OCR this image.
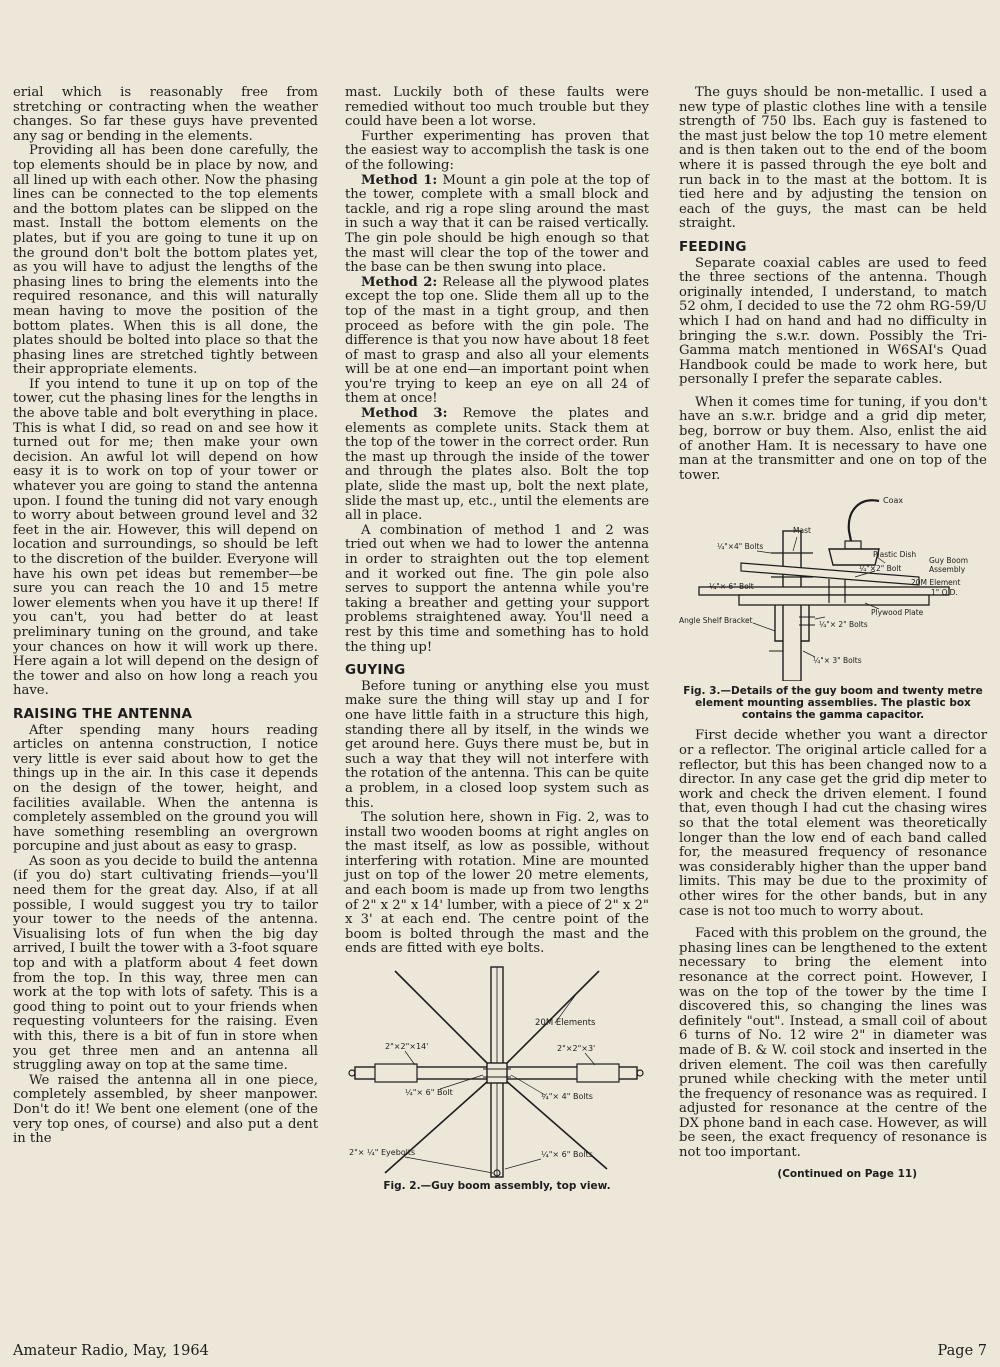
erial which is reasonably free from stretching or contracting when the weather changes. So far these guys have prevented any sag or bending in the elements.

Providing all has been done carefully, the top elements should be in place by now, and all lined up with each other. Now the phasing lines can be connected to the top elements and the bottom plates can be slipped on the mast. Install the bottom elements on the plates, but if you are going to tune it up on the ground don't bolt the bottom plates yet, as you will have to adjust the lengths of the phasing lines to bring the elements into the required resonance, and this will naturally mean having to move the position of the bottom plates. When this is all done, the plates should be bolted into place so that the phasing lines are stretched tightly between their appropriate elements.

If you intend to tune it up on top of the tower, cut the phasing lines for the lengths in the above table and bolt everything in place. This is what I did, so read on and see how it turned out for me; then make your own decision. An awful lot will depend on how easy it is to work on top of your tower or whatever you are going to stand the antenna upon. I found the tuning did not vary enough to worry about between ground level and 32 feet in the air. However, this will depend on location and surroundings, so should be left to the discretion of the builder. Everyone will have his own pet ideas but remember—be sure you can reach the 10 and 15 metre lower elements when you have it up there! If you can't, you had better do at least preliminary tuning on the ground, and take your chances on how it will work up there. Here again a lot will depend on the design of the tower and also on how long a reach you have.

RAISING THE ANTENNA

After spending many hours reading articles on antenna construction, I notice very little is ever said about how to get the things up in the air. In this case it depends on the design of the tower, height, and facilities available. When the antenna is completely assembled on the ground you will have something resembling an overgrown porcupine and just about as easy to grasp.

As soon as you decide to build the antenna (if you do) start cultivating friends—you'll need them for the great day. Also, if at all possible, I would suggest you try to tailor your tower to the needs of the antenna. Visualising lots of fun when the big day arrived, I built the tower with a 3-foot square top and with a platform about 4 feet down from the top. In this way, three men can work at the top with lots of safety. This is a good thing to point out to your friends when requesting volunteers for the raising. Even with this, there is a bit of fun in store when you get three men and an antenna all struggling away on top at the same time.

We raised the antenna all in one piece, completely assembled, by sheer manpower. Don't do it! We bent one element (one of the very top ones, of course) and also put a dent in the

mast. Luckily both of these faults were remedied without too much trouble but they could have been a lot worse.

Further experimenting has proven that the easiest way to accomplish the task is one of the following:

Method 1: Mount a gin pole at the top of the tower, complete with a small block and tackle, and rig a rope sling around the mast in such a way that it can be raised vertically. The gin pole should be high enough so that the mast will clear the top of the tower and the base can be then swung into place.

Method 2: Release all the plywood plates except the top one. Slide them all up to the top of the mast in a tight group, and then proceed as before with the gin pole. The difference is that you now have about 18 feet of mast to grasp and also all your elements will be at one end—an important point when you're trying to keep an eye on all 24 of them at once!

Method 3: Remove the plates and elements as complete units. Stack them at the top of the tower in the correct order. Run the mast up through the inside of the tower and through the plates also. Bolt the top plate, slide the mast up, bolt the next plate, slide the mast up, etc., until the elements are all in place.

A combination of method 1 and 2 was tried out when we had to lower the antenna in order to straighten out the top element and it worked out fine. The gin pole also serves to support the antenna while you're taking a breather and getting your support problems straightened away. You'll need a rest by this time and something has to hold the thing up!

GUYING

Before tuning or anything else you must make sure the thing will stay up and I for one have little faith in a structure this high, standing there all by itself, in the winds we get around here. Guys there must be, but in such a way that they will not interfere with the rotation of the antenna. This can be quite a problem, in a closed loop system such as this.

The solution here, shown in Fig. 2, was to install two wooden booms at right angles on the mast itself, as low as possible, without interfering with rotation. Mine are mounted just on top of the lower 20 metre elements, and each boom is made up from two lengths of 2" x 2" x 14' lumber, with a piece of 2" x 2" x 3' at each end. The centre point of the boom is bolted through the mast and the ends are fitted with eye bolts.

20M Elements
2"×2"×14'	2"×2"×3'
¼"× 6" Bolt	¼"× 4" Bolts
2"× ¼" Eyebolts	¼"× 6" Bolts
Fig. 2.—Guy boom assembly, top view.

The guys should be non-metallic. I used a new type of plastic clothes line with a tensile strength of 750 lbs. Each guy is fastened to the mast just below the top 10 metre element and is then taken out to the end of the boom where it is passed through the eye bolt and run back in to the mast at the bottom. It is tied here and by adjusting the tension on each of the guys, the mast can be held straight.

FEEDING

Separate coaxial cables are used to feed the three sections of the antenna. Though originally intended, I understand, to match 52 ohm, I decided to use the 72 ohm RG-59/U which I had on hand and had no difficulty in bringing the s.w.r. down. Possibly the Tri-Gamma match mentioned in W6SAI's Quad Handbook could be made to work here, but personally I prefer the separate cables.

When it comes time for tuning, if you don't have an s.w.r. bridge and a grid dip meter, beg, borrow or buy them. Also, enlist the aid of another Ham. It is necessary to have one man at the transmitter and one on top of the tower.

Coax
¼"×4" Bolts
Mast
Plastic Dish
¼"×2" Bolt
Guy Boom
Assembly
¼"× 6" Bolt	20M Element
1" O.D.
Plywood Plate
¼"× 2" Bolts
Angle Shelf Bracket
¼"× 3" Bolts
Fig. 3.—Details of the guy boom and twenty metre element mounting assemblies. The plastic box contains the gamma capacitor.

First decide whether you want a director or a reflector. The original article called for a reflector, but this has been changed now to a director. In any case get the grid dip meter to work and check the driven element. I found that, even though I had cut the chasing wires so that the total element was theoretically longer than the low end of each band called for, the measured frequency of resonance was considerably higher than the upper band limits. This may be due to the proximity of other wires for the other bands, but in any case is not too much to worry about.

Faced with this problem on the ground, the phasing lines can be lengthened to the extent necessary to bring the element into resonance at the correct point. However, I was on the top of the tower by the time I discovered this, so changing the lines was definitely "out". Instead, a small coil of about 6 turns of No. 12 wire 2" in diameter was made of B. & W. coil stock and inserted in the driven element. The coil was then carefully pruned while checking with the meter until the frequency of resonance was as required. I adjusted for resonance at the centre of the DX phone band in each case. However, as will be seen, the exact frequency of resonance is not too important.

(Continued on Page 11)
Amateur Radio, May, 1964	Page 7
